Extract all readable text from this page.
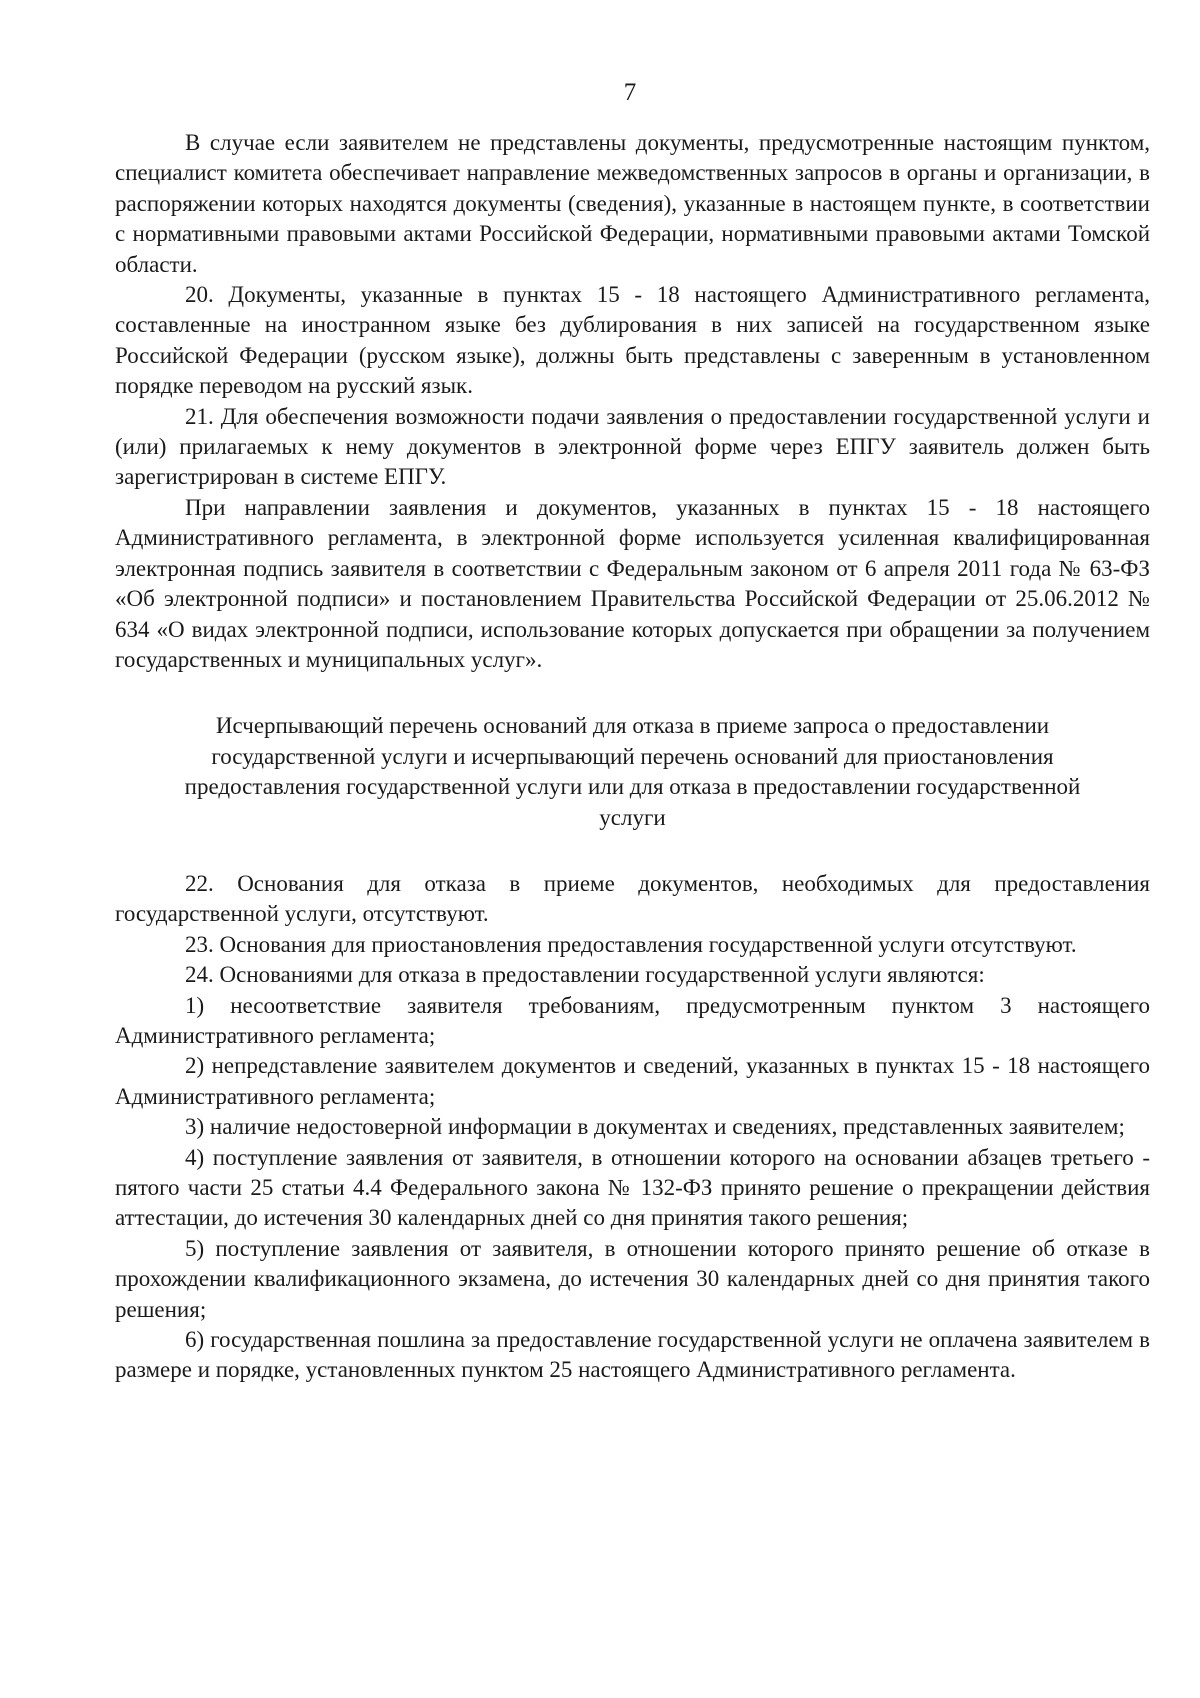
7

В случае если заявителем не представлены документы, предусмотренные настоящим пунктом, специалист комитета обеспечивает направление межведомственных запросов в органы и организации, в распоряжении которых находятся документы (сведения), указанные в настоящем пункте, в соответствии с нормативными правовыми актами Российской Федерации, нормативными правовыми актами Томской области.

20. Документы, указанные в пунктах 15 - 18 настоящего Административного регламента, составленные на иностранном языке без дублирования в них записей на государственном языке Российской Федерации (русском языке), должны быть представлены с заверенным в установленном порядке переводом на русский язык.

21. Для обеспечения возможности подачи заявления о предоставлении государственной услуги и (или) прилагаемых к нему документов в электронной форме через ЕПГУ заявитель должен быть зарегистрирован в системе ЕПГУ.

При направлении заявления и документов, указанных в пунктах 15 - 18 настоящего Административного регламента, в электронной форме используется усиленная квалифицированная электронная подпись заявителя в соответствии с Федеральным законом от 6 апреля 2011 года № 63-ФЗ «Об электронной подписи» и постановлением Правительства Российской Федерации от 25.06.2012 № 634 «О видах электронной подписи, использование которых допускается при обращении за получением государственных и муниципальных услуг».

Исчерпывающий перечень оснований для отказа в приеме запроса о предоставлении
государственной услуги и исчерпывающий перечень оснований для приостановления
предоставления государственной услуги или для отказа в предоставлении государственной
услуги

22. Основания для отказа в приеме документов, необходимых для предоставления государственной услуги, отсутствуют.

23. Основания для приостановления предоставления государственной услуги отсутствуют.

24. Основаниями для отказа в предоставлении государственной услуги являются:

1) несоответствие заявителя требованиям, предусмотренным пунктом 3 настоящего Административного регламента;

2) непредставление заявителем документов и сведений, указанных в пунктах 15 - 18 настоящего Административного регламента;

3) наличие недостоверной информации в документах и сведениях, представленных заявителем;

4) поступление заявления от заявителя, в отношении которого на основании абзацев третьего - пятого части 25 статьи 4.4 Федерального закона № 132-ФЗ принято решение о прекращении действия аттестации, до истечения 30 календарных дней со дня принятия такого решения;

5) поступление заявления от заявителя, в отношении которого принято решение об отказе в прохождении квалификационного экзамена, до истечения 30 календарных дней со дня принятия такого решения;

6) государственная пошлина за предоставление государственной услуги не оплачена заявителем в размере и порядке, установленных пунктом 25 настоящего Административного регламента.
